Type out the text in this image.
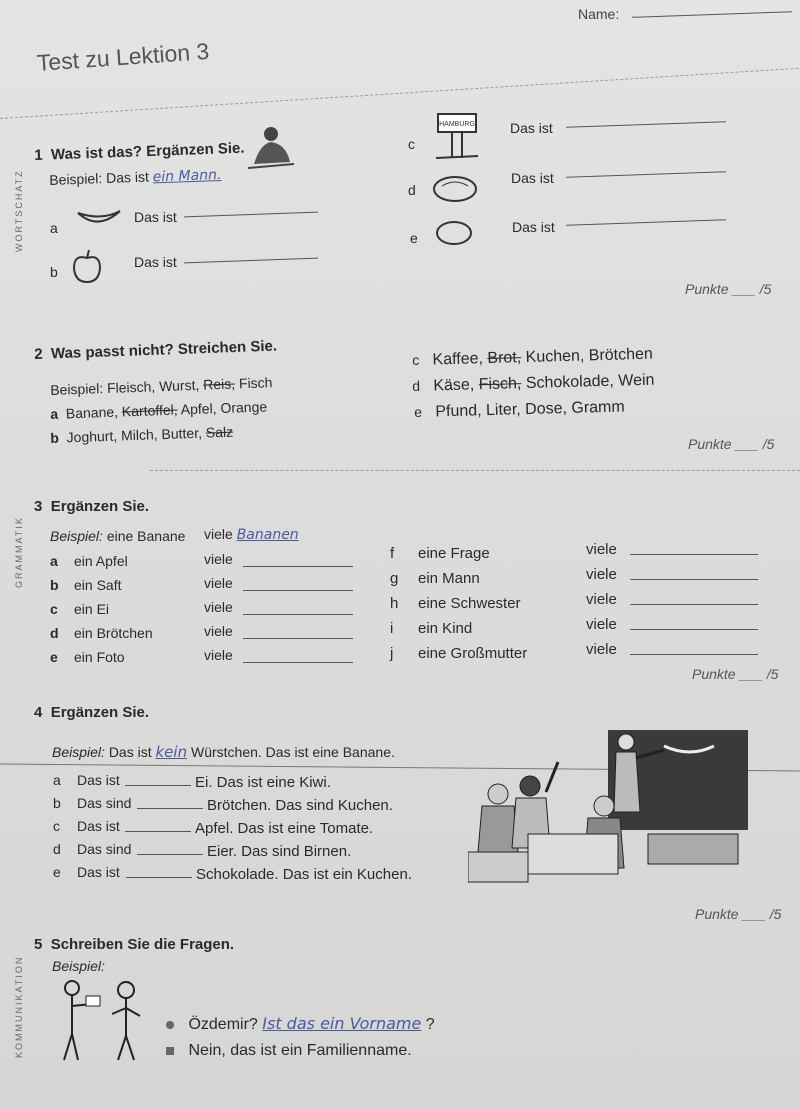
Name:
Test zu Lektion 3
WORTSCHATZ
GRAMMATIK
KOMMUNIKATION
1 Was ist das? Ergänzen Sie.
Beispiel: Das ist ein Mann.
a
Das ist
b
Das ist
c
HAMBURG	Das ist
d
Das ist
e
Das ist
Punkte ___ /5
2 Was passt nicht? Streichen Sie.
Beispiel: Fleisch, Wurst, Reis, Fisch
a Banane, Kartoffel, Apfel, Orange
b Joghurt, Milch, Butter, Salz
c Kaffee, Brot, Kuchen, Brötchen
d Käse, Fisch, Schokolade, Wein
e Pfund, Liter, Dose, Gramm
Punkte ___ /5
3 Ergänzen Sie.
Beispiel: eine Banane viele Bananen
a ein Apfel	viele
b ein Saft	viele
c ein Ei	viele
d ein Brötchen	viele
e ein Foto	viele
f eine Frage	viele
g ein Mann	viele
h eine Schwester	viele
i ein Kind	viele
j eine Großmutter	viele
Punkte ___ /5
4 Ergänzen Sie.
Beispiel: Das ist kein Würstchen. Das ist eine Banane.
a Das ist	Ei. Das ist eine Kiwi.
b Das sind	Brötchen. Das sind Kuchen.
c Das ist	Apfel. Das ist eine Tomate.
d Das sind	Eier. Das sind Birnen.
e Das ist	Schokolade. Das ist ein Kuchen.
Punkte ___ /5
5 Schreiben Sie die Fragen.
Beispiel:
Özdemir? Ist das ein Vorname ?
Nein, das ist ein Familienname.
